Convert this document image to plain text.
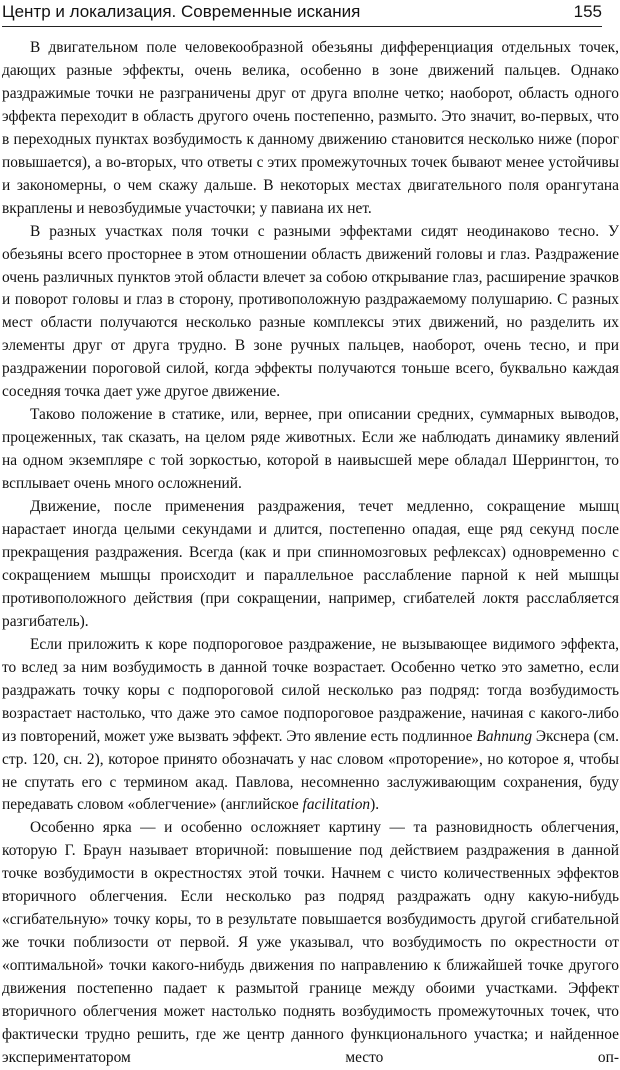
Центр и локализация. Современные искания	155

В двигательном поле человекообразной обезьяны дифференциация отдельных точек, дающих разные эффекты, очень велика, особенно в зоне движений пальцев. Однако раздражимые точки не разграничены друг от друга вполне четко; наоборот, область одного эффекта переходит в область другого очень постепенно, размыто. Это значит, во-первых, что в переходных пунктах возбудимость к данному движению становится несколько ниже (порог повышается), а во-вторых, что ответы с этих промежуточных точек бывают менее устойчивы и закономерны, о чем скажу дальше. В некоторых местах двигательного поля орангутана вкраплены и невозбудимые участочки; у павиана их нет.

В разных участках поля точки с разными эффектами сидят неодинаково тесно. У обезьяны всего просторнее в этом отношении область движений головы и глаз. Раздражение очень различных пунктов этой области влечет за собою открывание глаз, расширение зрачков и поворот головы и глаз в сторону, противоположную раздражаемому полушарию. С разных мест области получаются несколько разные комплексы этих движений, но разделить их элементы друг от друга трудно. В зоне ручных пальцев, наоборот, очень тесно, и при раздражении пороговой силой, когда эффекты получаются тоньше всего, буквально каждая соседняя точка дает уже другое движение.

Таково положение в статике, или, вернее, при описании средних, суммарных выводов, процеженных, так сказать, на целом ряде животных. Если же наблюдать динамику явлений на одном экземпляре с той зоркостью, которой в наивысшей мере обладал Шеррингтон, то всплывает очень много осложнений.

Движение, после применения раздражения, течет медленно, сокращение мышц нарастает иногда целыми секундами и длится, постепенно опадая, еще ряд секунд после прекращения раздражения. Всегда (как и при спинномозговых рефлексах) одновременно с сокращением мышцы происходит и параллельное расслабление парной к ней мышцы противоположного действия (при сокращении, например, сгибателей локтя расслабляется разгибатель).

Если приложить к коре подпороговое раздражение, не вызывающее видимого эффекта, то вслед за ним возбудимость в данной точке возрастает. Особенно четко это заметно, если раздражать точку коры с подпороговой силой несколько раз подряд: тогда возбудимость возрастает настолько, что даже это самое подпороговое раздражение, начиная с какого-либо из повторений, может уже вызвать эффект. Это явление есть подлинное Bahnung Экснера (см. стр. 120, сн. 2), которое принято обозначать у нас словом «проторение», но которое я, чтобы не спутать его с термином акад. Павлова, несомненно заслуживающим сохранения, буду передавать словом «облегчение» (английское facilitation).

Особенно ярка — и особенно осложняет картину — та разновидность облегчения, которую Г. Браун называет вторичной: повышение под действием раздражения в данной точке возбудимости в окрестностях этой точки. Начнем с чисто количественных эффектов вторичного облегчения. Если несколько раз подряд раздражать одну какую-нибудь «сгибательную» точку коры, то в результате повышается возбудимость другой сгибательной же точки поблизости от первой. Я уже указывал, что возбудимость по окрестности от «оптимальной» точки какого-нибудь движения по направлению к ближайшей точке другого движения постепенно падает к размытой границе между обоими участками. Эффект вторичного облегчения может настолько поднять возбудимость промежуточных точек, что фактически трудно решить, где же центр данного функционального участка; и найденное экспериментатором место оп-
